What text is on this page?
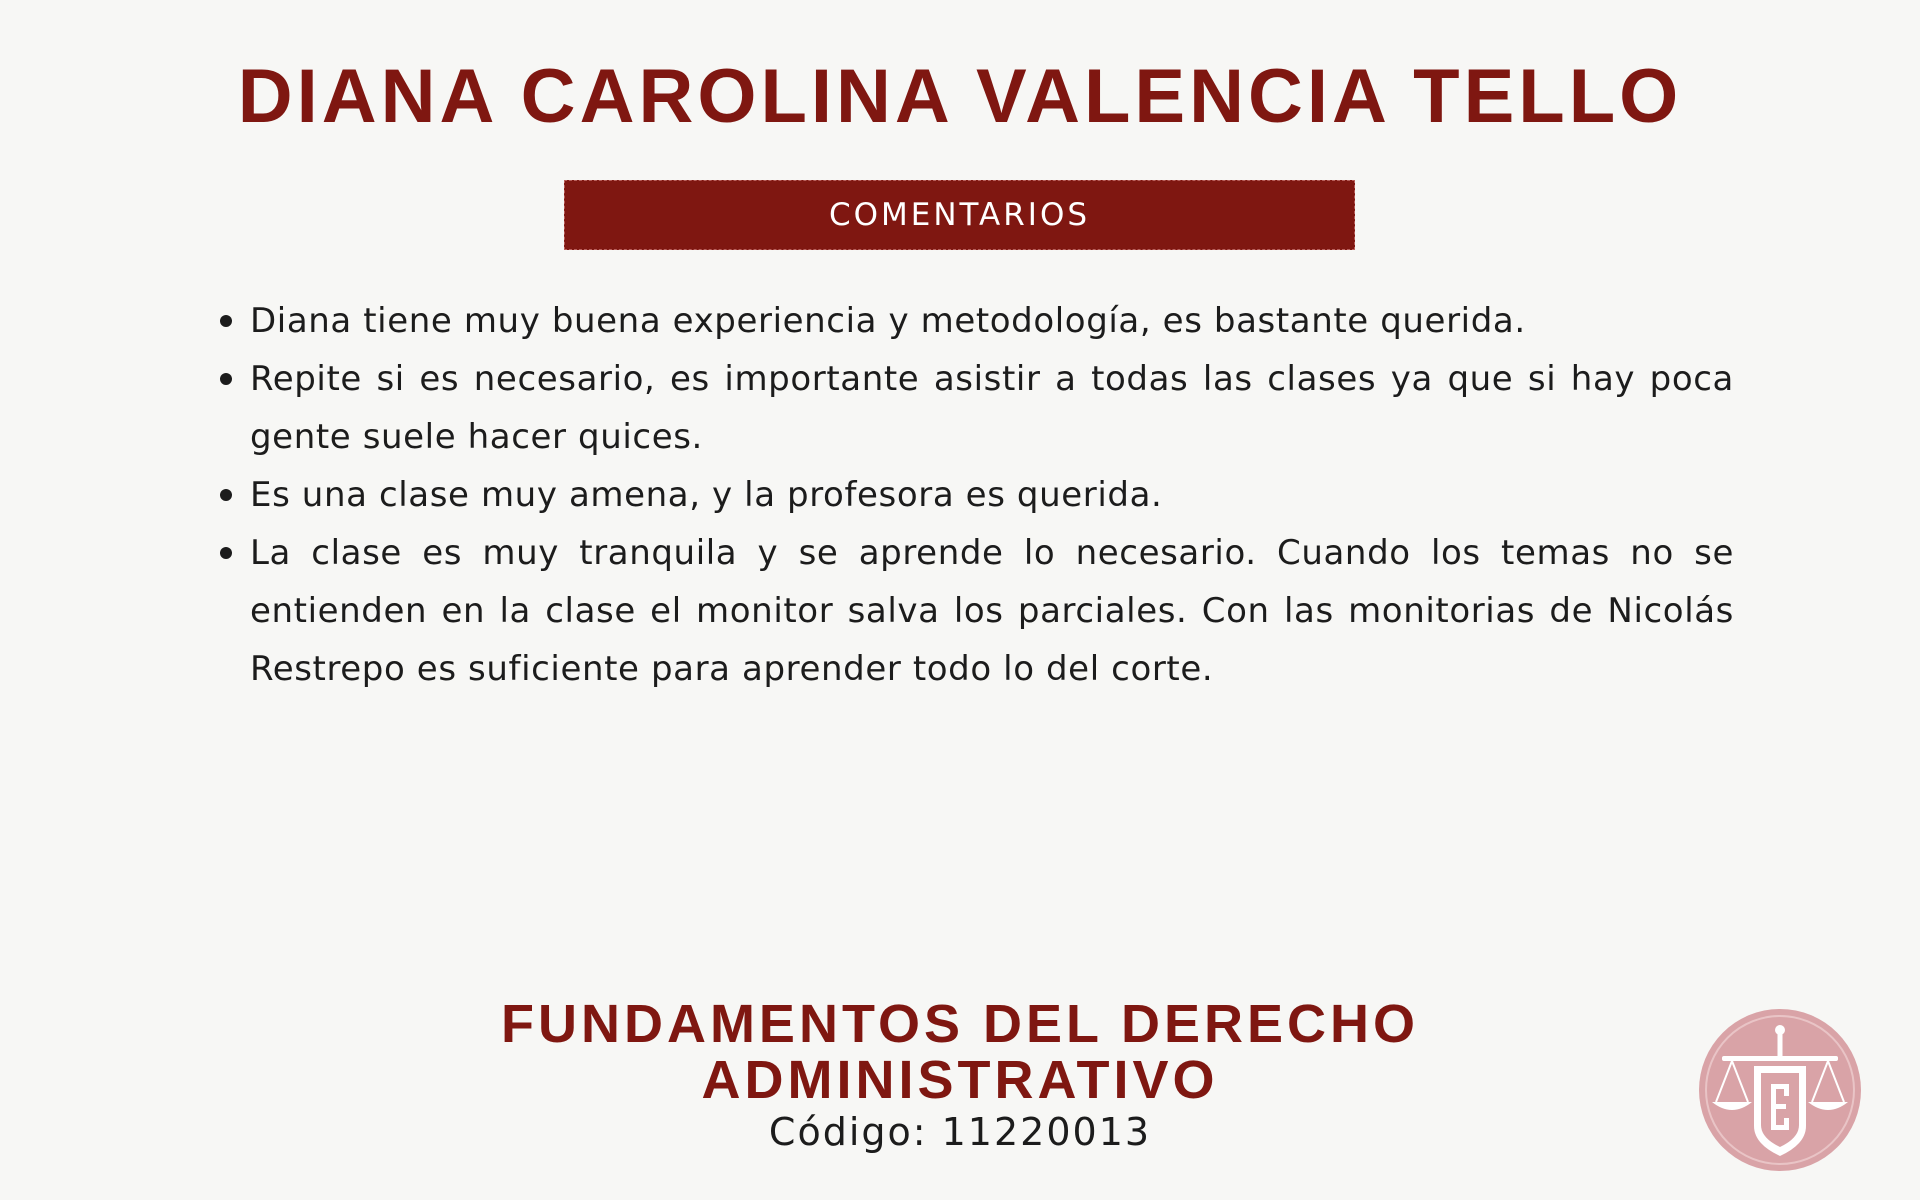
DIANA CAROLINA VALENCIA TELLO
COMENTARIOS
Diana tiene muy buena experiencia y metodología, es bastante querida.
Repite si es necesario, es importante asistir a todas las clases ya que si hay poca gente suele hacer quices.
Es una clase muy amena, y la profesora es querida.
La clase es muy tranquila y se aprende lo necesario. Cuando los temas no se entienden en la clase el monitor salva los parciales. Con las monitorias de Nicolás Restrepo es suficiente para aprender todo lo del corte.
FUNDAMENTOS DEL DERECHO
ADMINISTRATIVO
Código: 11220013
